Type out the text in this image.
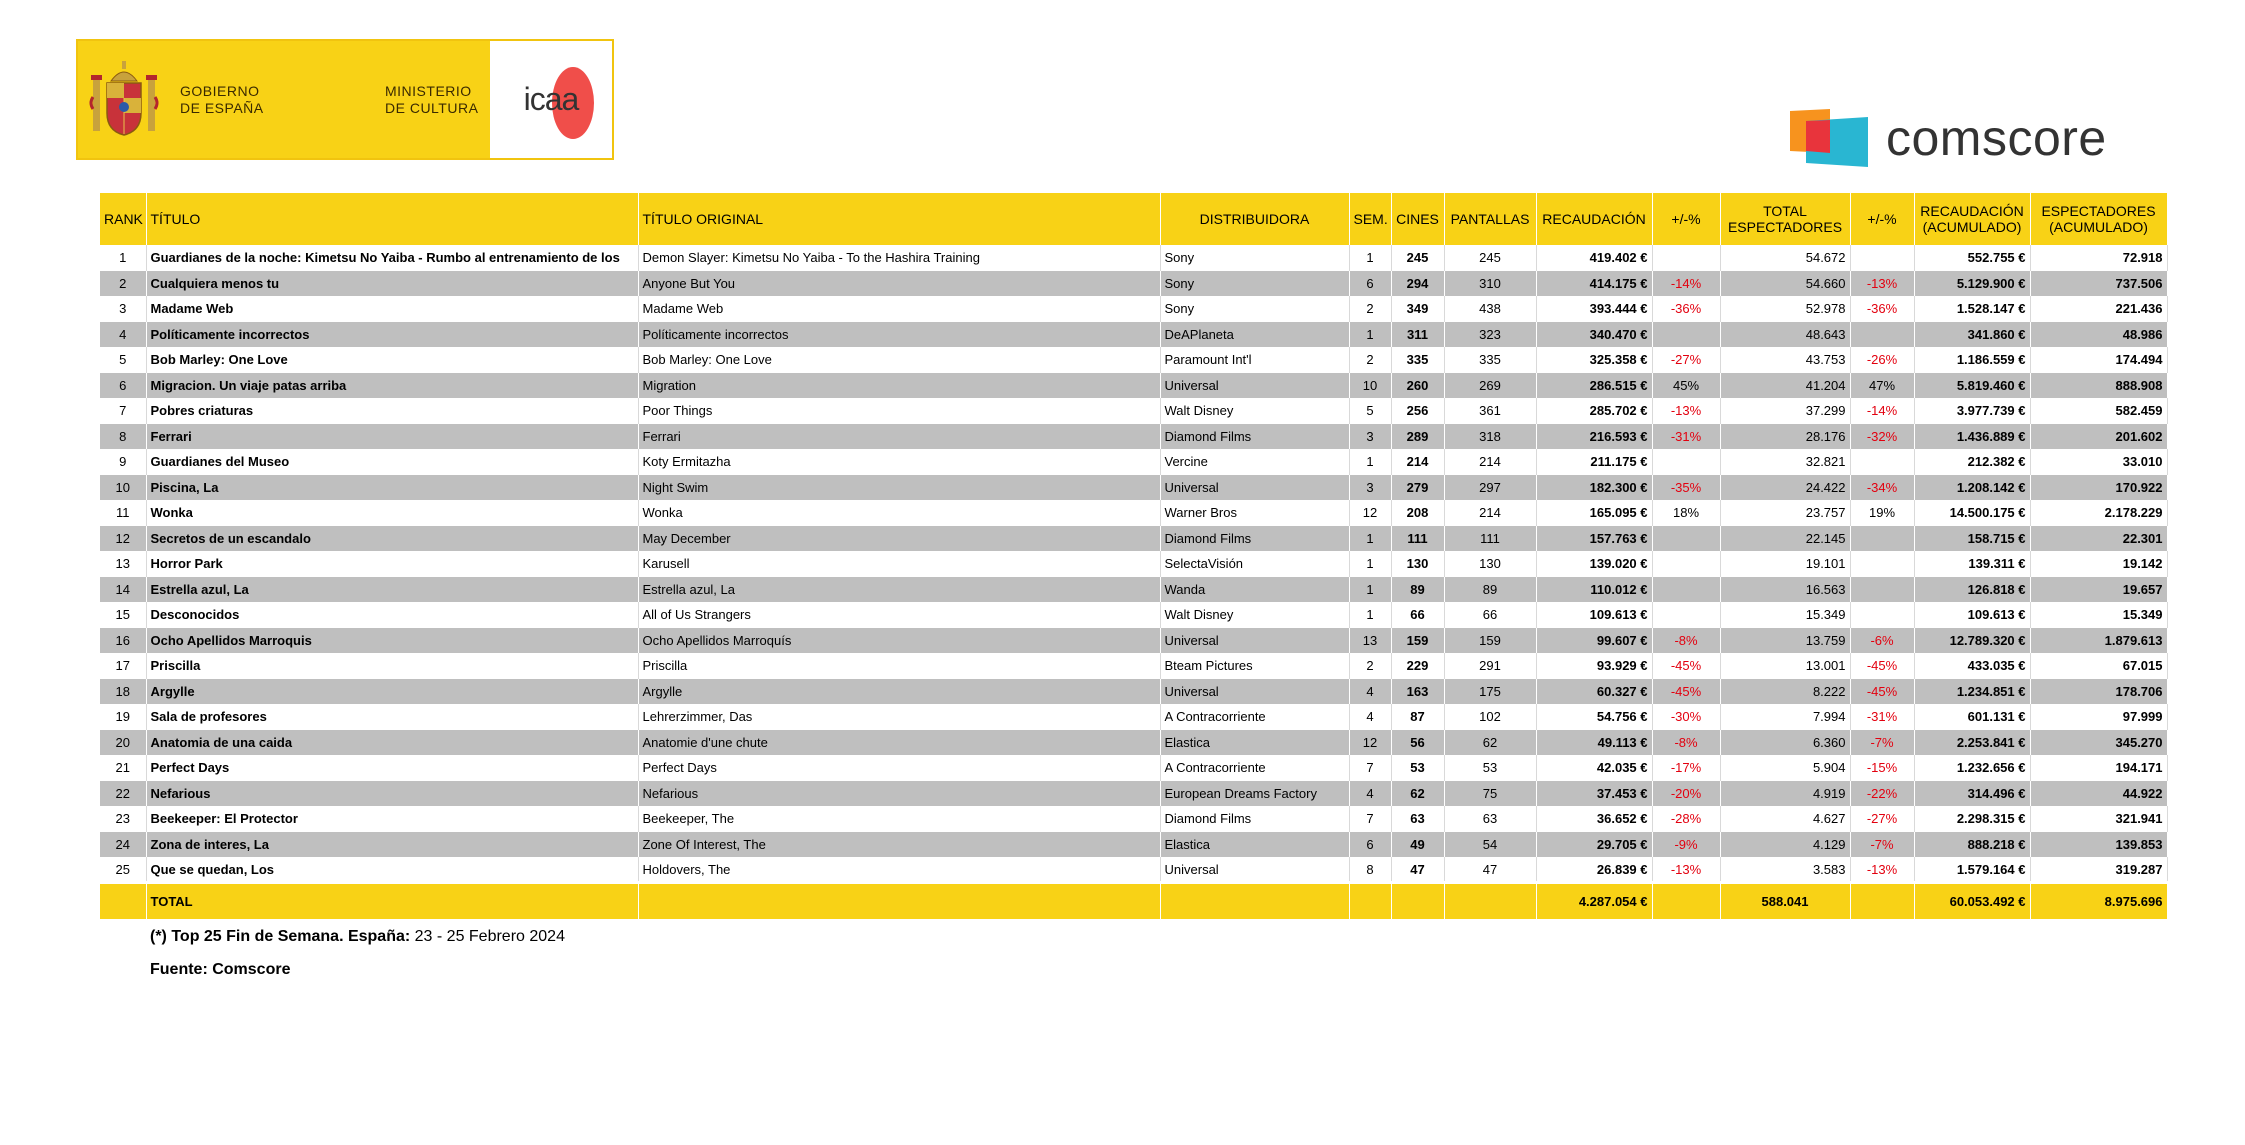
GOBIERNO
DE ESPAÑA
MINISTERIO
DE CULTURA icaa
comscore
RANK	TÍTULO	TÍTULO ORIGINAL	DISTRIBUIDORA	SEM.	CINES	PANTALLAS	RECAUDACIÓN	+/-%	TOTAL ESPECTADORES	+/-%	RECAUDACIÓN (ACUMULADO)	ESPECTADORES (ACUMULADO)
1	Guardianes de la noche: Kimetsu No Yaiba - Rumbo al entrenamiento de los	Demon Slayer: Kimetsu No Yaiba - To the Hashira Training	Sony	1	245	245	419.402 €		54.672		552.755 €	72.918
2	Cualquiera menos tu	Anyone But You	Sony	6	294	310	414.175 €	-14%	54.660	-13%	5.129.900 €	737.506
3	Madame Web	Madame Web	Sony	2	349	438	393.444 €	-36%	52.978	-36%	1.528.147 €	221.436
4	Políticamente incorrectos	Políticamente incorrectos	DeAPlaneta	1	311	323	340.470 €		48.643		341.860 €	48.986
5	Bob Marley: One Love	Bob Marley: One Love	Paramount Int'l	2	335	335	325.358 €	-27%	43.753	-26%	1.186.559 €	174.494
6	Migracion. Un viaje patas arriba	Migration	Universal	10	260	269	286.515 €	45%	41.204	47%	5.819.460 €	888.908
7	Pobres criaturas	Poor Things	Walt Disney	5	256	361	285.702 €	-13%	37.299	-14%	3.977.739 €	582.459
8	Ferrari	Ferrari	Diamond Films	3	289	318	216.593 €	-31%	28.176	-32%	1.436.889 €	201.602
9	Guardianes del Museo	Koty Ermitazha	Vercine	1	214	214	211.175 €		32.821		212.382 €	33.010
10	Piscina, La	Night Swim	Universal	3	279	297	182.300 €	-35%	24.422	-34%	1.208.142 €	170.922
11	Wonka	Wonka	Warner Bros	12	208	214	165.095 €	18%	23.757	19%	14.500.175 €	2.178.229
12	Secretos de un escandalo	May December	Diamond Films	1	111	111	157.763 €		22.145		158.715 €	22.301
13	Horror Park	Karusell	SelectaVisión	1	130	130	139.020 €		19.101		139.311 €	19.142
14	Estrella azul, La	Estrella azul, La	Wanda	1	89	89	110.012 €		16.563		126.818 €	19.657
15	Desconocidos	All of Us Strangers	Walt Disney	1	66	66	109.613 €		15.349		109.613 €	15.349
16	Ocho Apellidos Marroquis	Ocho Apellidos Marroquís	Universal	13	159	159	99.607 €	-8%	13.759	-6%	12.789.320 €	1.879.613
17	Priscilla	Priscilla	Bteam Pictures	2	229	291	93.929 €	-45%	13.001	-45%	433.035 €	67.015
18	Argylle	Argylle	Universal	4	163	175	60.327 €	-45%	8.222	-45%	1.234.851 €	178.706
19	Sala de profesores	Lehrerzimmer, Das	A Contracorriente	4	87	102	54.756 €	-30%	7.994	-31%	601.131 €	97.999
20	Anatomia de una caida	Anatomie d'une chute	Elastica	12	56	62	49.113 €	-8%	6.360	-7%	2.253.841 €	345.270
21	Perfect Days	Perfect Days	A Contracorriente	7	53	53	42.035 €	-17%	5.904	-15%	1.232.656 €	194.171
22	Nefarious	Nefarious	European Dreams Factory	4	62	75	37.453 €	-20%	4.919	-22%	314.496 €	44.922
23	Beekeeper: El Protector	Beekeeper, The	Diamond Films	7	63	63	36.652 €	-28%	4.627	-27%	2.298.315 €	321.941
24	Zona de interes, La	Zone Of Interest, The	Elastica	6	49	54	29.705 €	-9%	4.129	-7%	888.218 €	139.853
25	Que se quedan, Los	Holdovers, The	Universal	8	47	47	26.839 €	-13%	3.583	-13%	1.579.164 €	319.287
	TOTAL						4.287.054 €		588.041		60.053.492 €	8.975.696
(*) Top 25 Fin de Semana. España: 23 - 25 Febrero 2024
Fuente: Comscore
